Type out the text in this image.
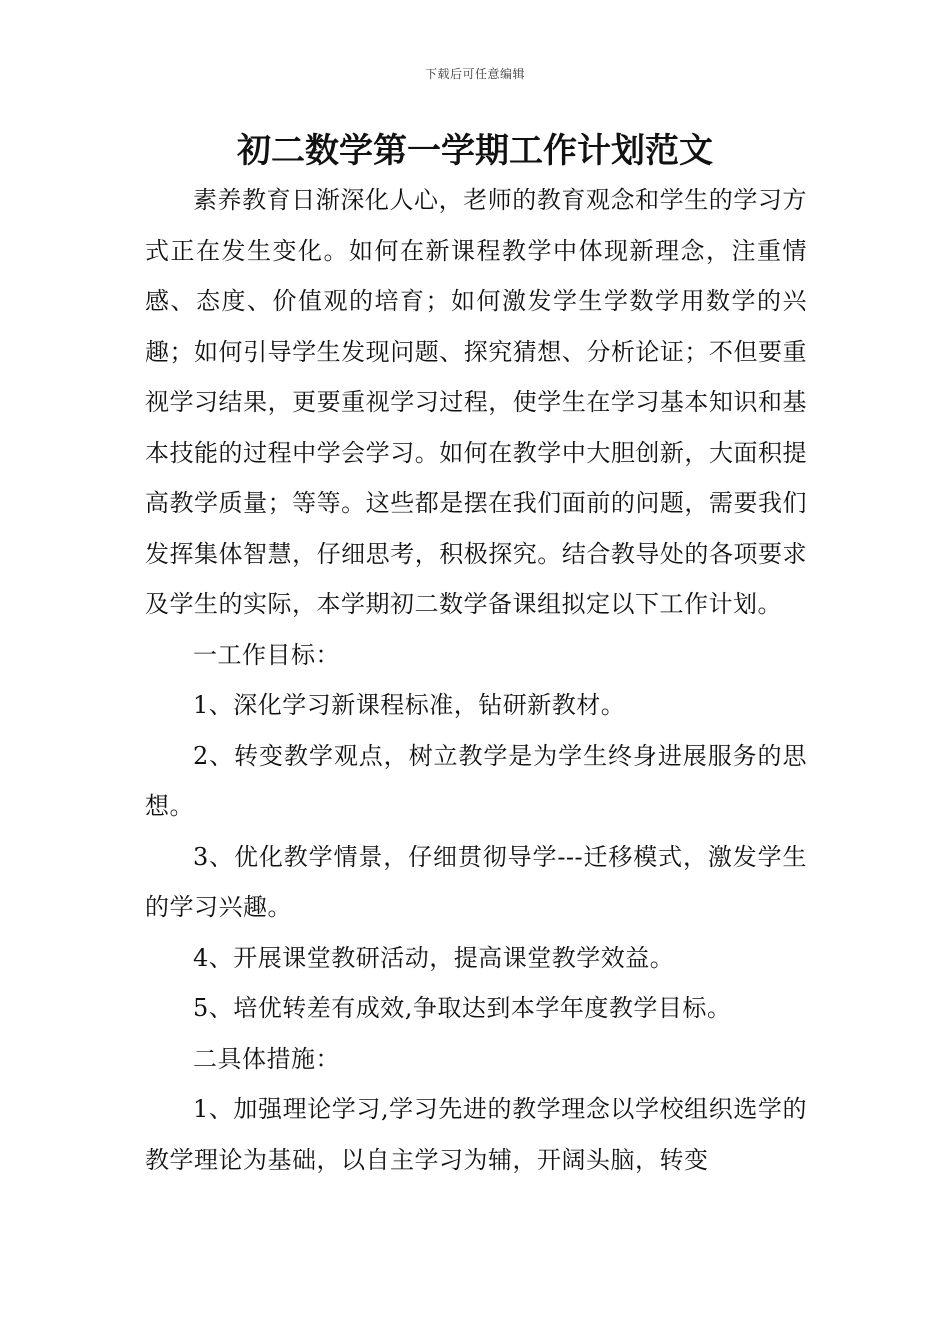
下载后可任意编辑
初二数学第一学期工作计划范文

素养教育日渐深化人心，老师的教育观念和学生的学习方式正在发生变化。如何在新课程教学中体现新理念，注重情感、态度、价值观的培育；如何激发学生学数学用数学的兴趣；如何引导学生发现问题、探究猜想、分析论证；不但要重视学习结果，更要重视学习过程，使学生在学习基本知识和基本技能的过程中学会学习。如何在教学中大胆创新，大面积提高教学质量；等等。这些都是摆在我们面前的问题，需要我们发挥集体智慧，仔细思考，积极探究。结合教导处的各项要求及学生的实际，本学期初二数学备课组拟定以下工作计划。

一工作目标：

1、深化学习新课程标准，钻研新教材。

2、转变教学观点，树立教学是为学生终身进展服务的思想。

3、优化教学情景，仔细贯彻导学---迁移模式，激发学生的学习兴趣。

4、开展课堂教研活动，提高课堂教学效益。

5、培优转差有成效,争取达到本学年度教学目标。

二具体措施：

1、加强理论学习,学习先进的教学理念以学校组织选学的教学理论为基础，以自主学习为辅，开阔头脑，转变
